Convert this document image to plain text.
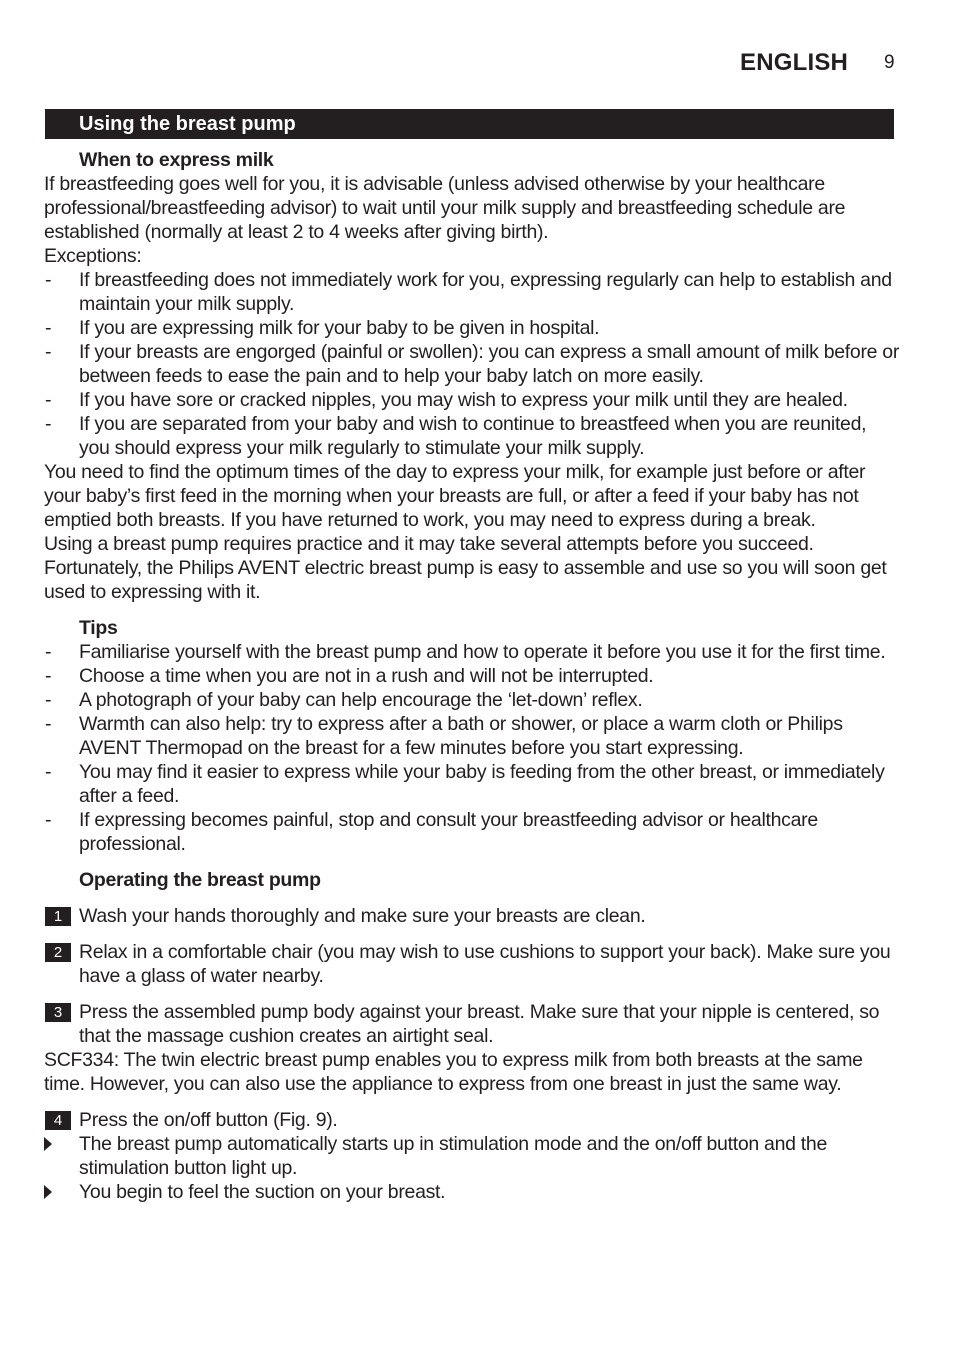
ENGLISH 9
Using the breast pump
When to express milk

If breastfeeding goes well for you, it is advisable (unless advised otherwise by your healthcare professional/breastfeeding advisor) to wait until your milk supply and breastfeeding schedule are established (normally at least 2 to 4 weeks after giving birth).

Exceptions:

- If breastfeeding does not immediately work for you, expressing regularly can help to establish and maintain your milk supply.
- If you are expressing milk for your baby to be given in hospital.
- If your breasts are engorged (painful or swollen): you can express a small amount of milk before or between feeds to ease the pain and to help your baby latch on more easily.
- If you have sore or cracked nipples, you may wish to express your milk until they are healed.
- If you are separated from your baby and wish to continue to breastfeed when you are reunited, you should express your milk regularly to stimulate your milk supply.

You need to find the optimum times of the day to express your milk, for example just before or after your baby’s first feed in the morning when your breasts are full, or after a feed if your baby has not emptied both breasts. If you have returned to work, you may need to express during a break.

Using a breast pump requires practice and it may take several attempts before you succeed. Fortunately, the Philips AVENT electric breast pump is easy to assemble and use so you will soon get used to expressing with it.

Tips
- Familiarise yourself with the breast pump and how to operate it before you use it for the first time.
- Choose a time when you are not in a rush and will not be interrupted.
- A photograph of your baby can help encourage the ‘let-down’ reflex.
- Warmth can also help: try to express after a bath or shower, or place a warm cloth or Philips AVENT Thermopad on the breast for a few minutes before you start expressing.
- You may find it easier to express while your baby is feeding from the other breast, or immediately after a feed.
- If expressing becomes painful, stop and consult your breastfeeding advisor or healthcare professional.
Operating the breast pump
1 Wash your hands thoroughly and make sure your breasts are clean.
2 Relax in a comfortable chair (you may wish to use cushions to support your back). Make sure you have a glass of water nearby.
3 Press the assembled pump body against your breast. Make sure that your nipple is centered, so that the massage cushion creates an airtight seal.

SCF334: The twin electric breast pump enables you to express milk from both breasts at the same time. However, you can also use the appliance to express from one breast in just the same way.

4 Press the on/off button (Fig. 9).
The breast pump automatically starts up in stimulation mode and the on/off button and the stimulation button light up.
You begin to feel the suction on your breast.
